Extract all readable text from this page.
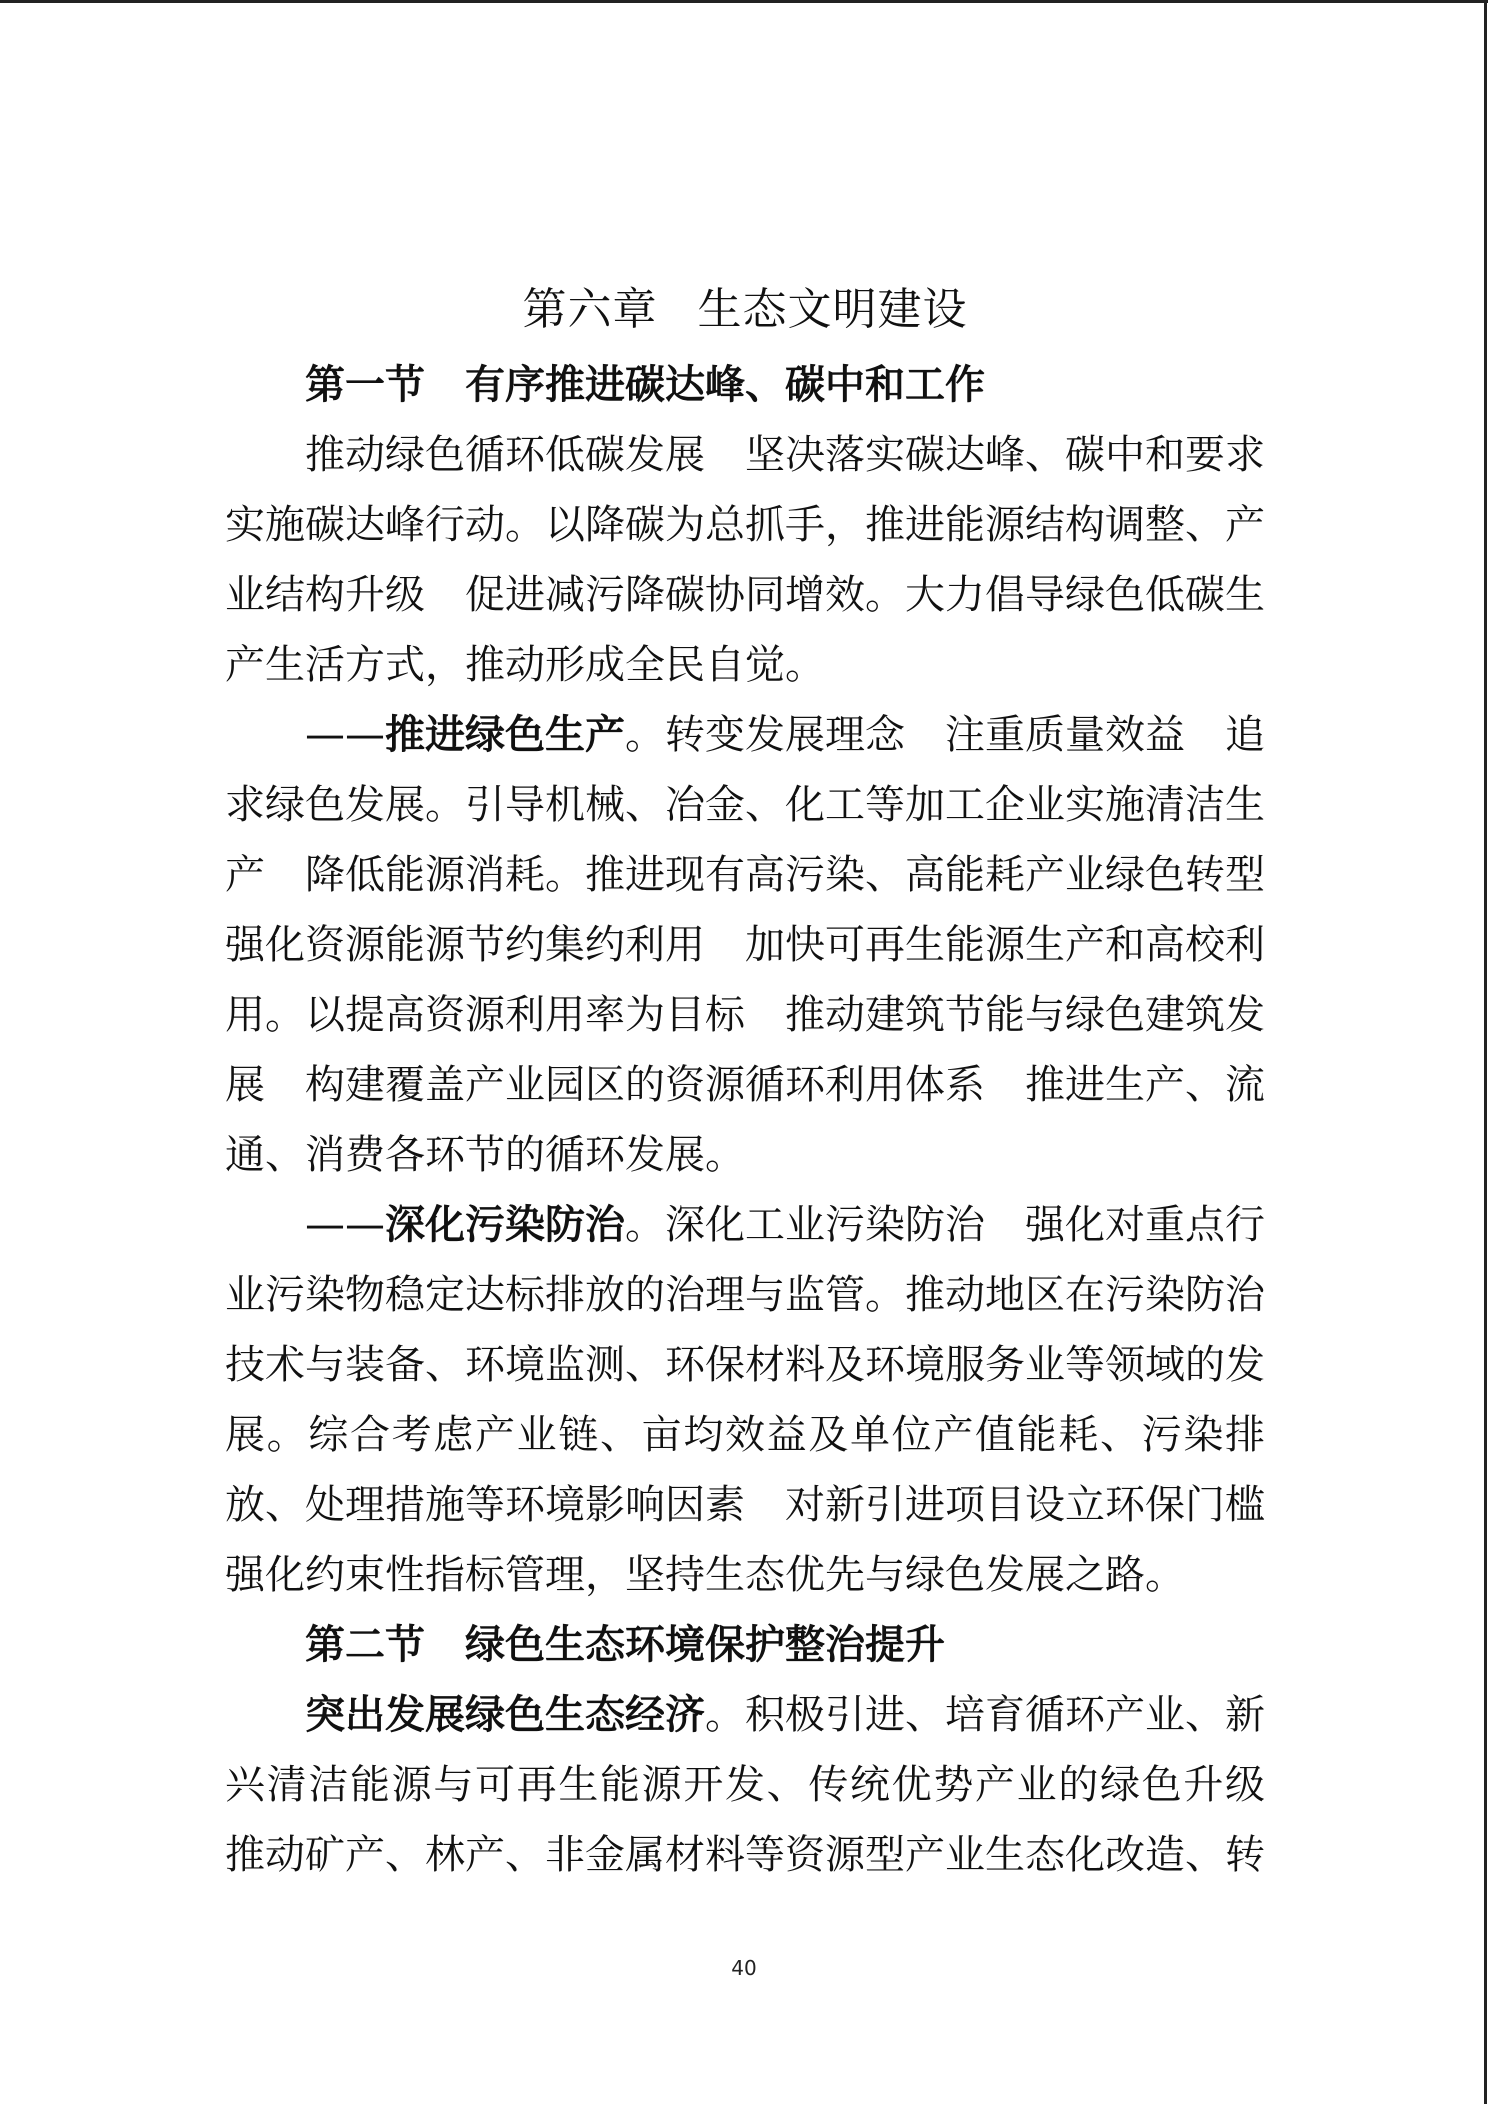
第六章 生态文明建设
第一节 有序推进碳达峰、碳中和工作

推动绿色循环低碳发展　坚决落实碳达峰、碳中和要求 实施碳达峰行动。以降碳为总抓手，推进能源结构调整、产业结构升级　促进减污降碳协同增效。大力倡导绿色低碳生产生活方式，推动形成全民自觉。

——推进绿色生产。转变发展理念　注重质量效益　追求绿色发展。引导机械、冶金、化工等加工企业实施清洁生产　降低能源消耗。推进现有高污染、高能耗产业绿色转型 强化资源能源节约集约利用　加快可再生能源生产和高校利用。以提高资源利用率为目标　推动建筑节能与绿色建筑发展　构建覆盖产业园区的资源循环利用体系　推进生产、流通、消费各环节的循环发展。

——深化污染防治。深化工业污染防治　强化对重点行业污染物稳定达标排放的治理与监管。推动地区在污染防治技术与装备、环境监测、环保材料及环境服务业等领域的发展。综合考虑产业链、亩均效益及单位产值能耗、污染排放、处理措施等环境影响因素　对新引进项目设立环保门槛　强化约束性指标管理，坚持生态优先与绿色发展之路。

第二节 绿色生态环境保护整治提升

突出发展绿色生态经济。积极引进、培育循环产业、新兴清洁能源与可再生能源开发、传统优势产业的绿色升级 推动矿产、林产、非金属材料等资源型产业生态化改造、转

40
